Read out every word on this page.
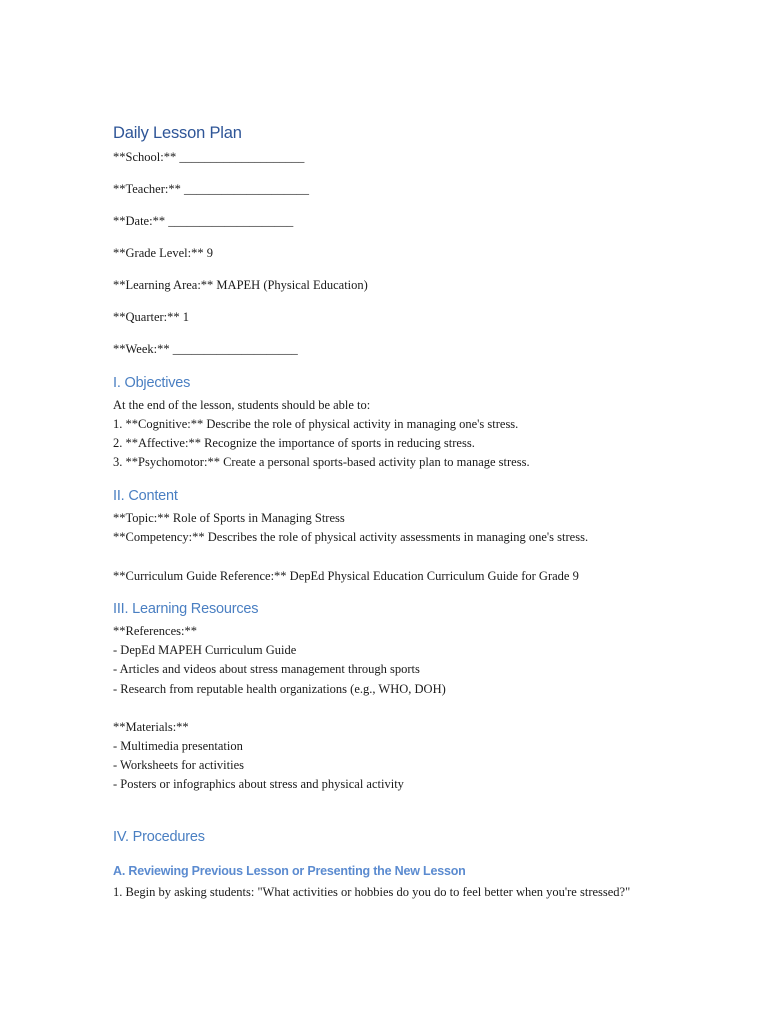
Daily Lesson Plan
**School:** ____________________
**Teacher:** ____________________
**Date:** ____________________
**Grade Level:** 9
**Learning Area:** MAPEH (Physical Education)
**Quarter:** 1
**Week:** ____________________
I. Objectives
At the end of the lesson, students should be able to:
1. **Cognitive:** Describe the role of physical activity in managing one's stress.
2. **Affective:** Recognize the importance of sports in reducing stress.
3. **Psychomotor:** Create a personal sports-based activity plan to manage stress.
II. Content
**Topic:** Role of Sports in Managing Stress
**Competency:** Describes the role of physical activity assessments in managing one's stress.
**Curriculum Guide Reference:** DepEd Physical Education Curriculum Guide for Grade 9
III. Learning Resources
**References:**
- DepEd MAPEH Curriculum Guide
- Articles and videos about stress management through sports
- Research from reputable health organizations (e.g., WHO, DOH)
**Materials:**
- Multimedia presentation
- Worksheets for activities
- Posters or infographics about stress and physical activity
IV. Procedures
A. Reviewing Previous Lesson or Presenting the New Lesson
1. Begin by asking students: "What activities or hobbies do you do to feel better when you're stressed?"
